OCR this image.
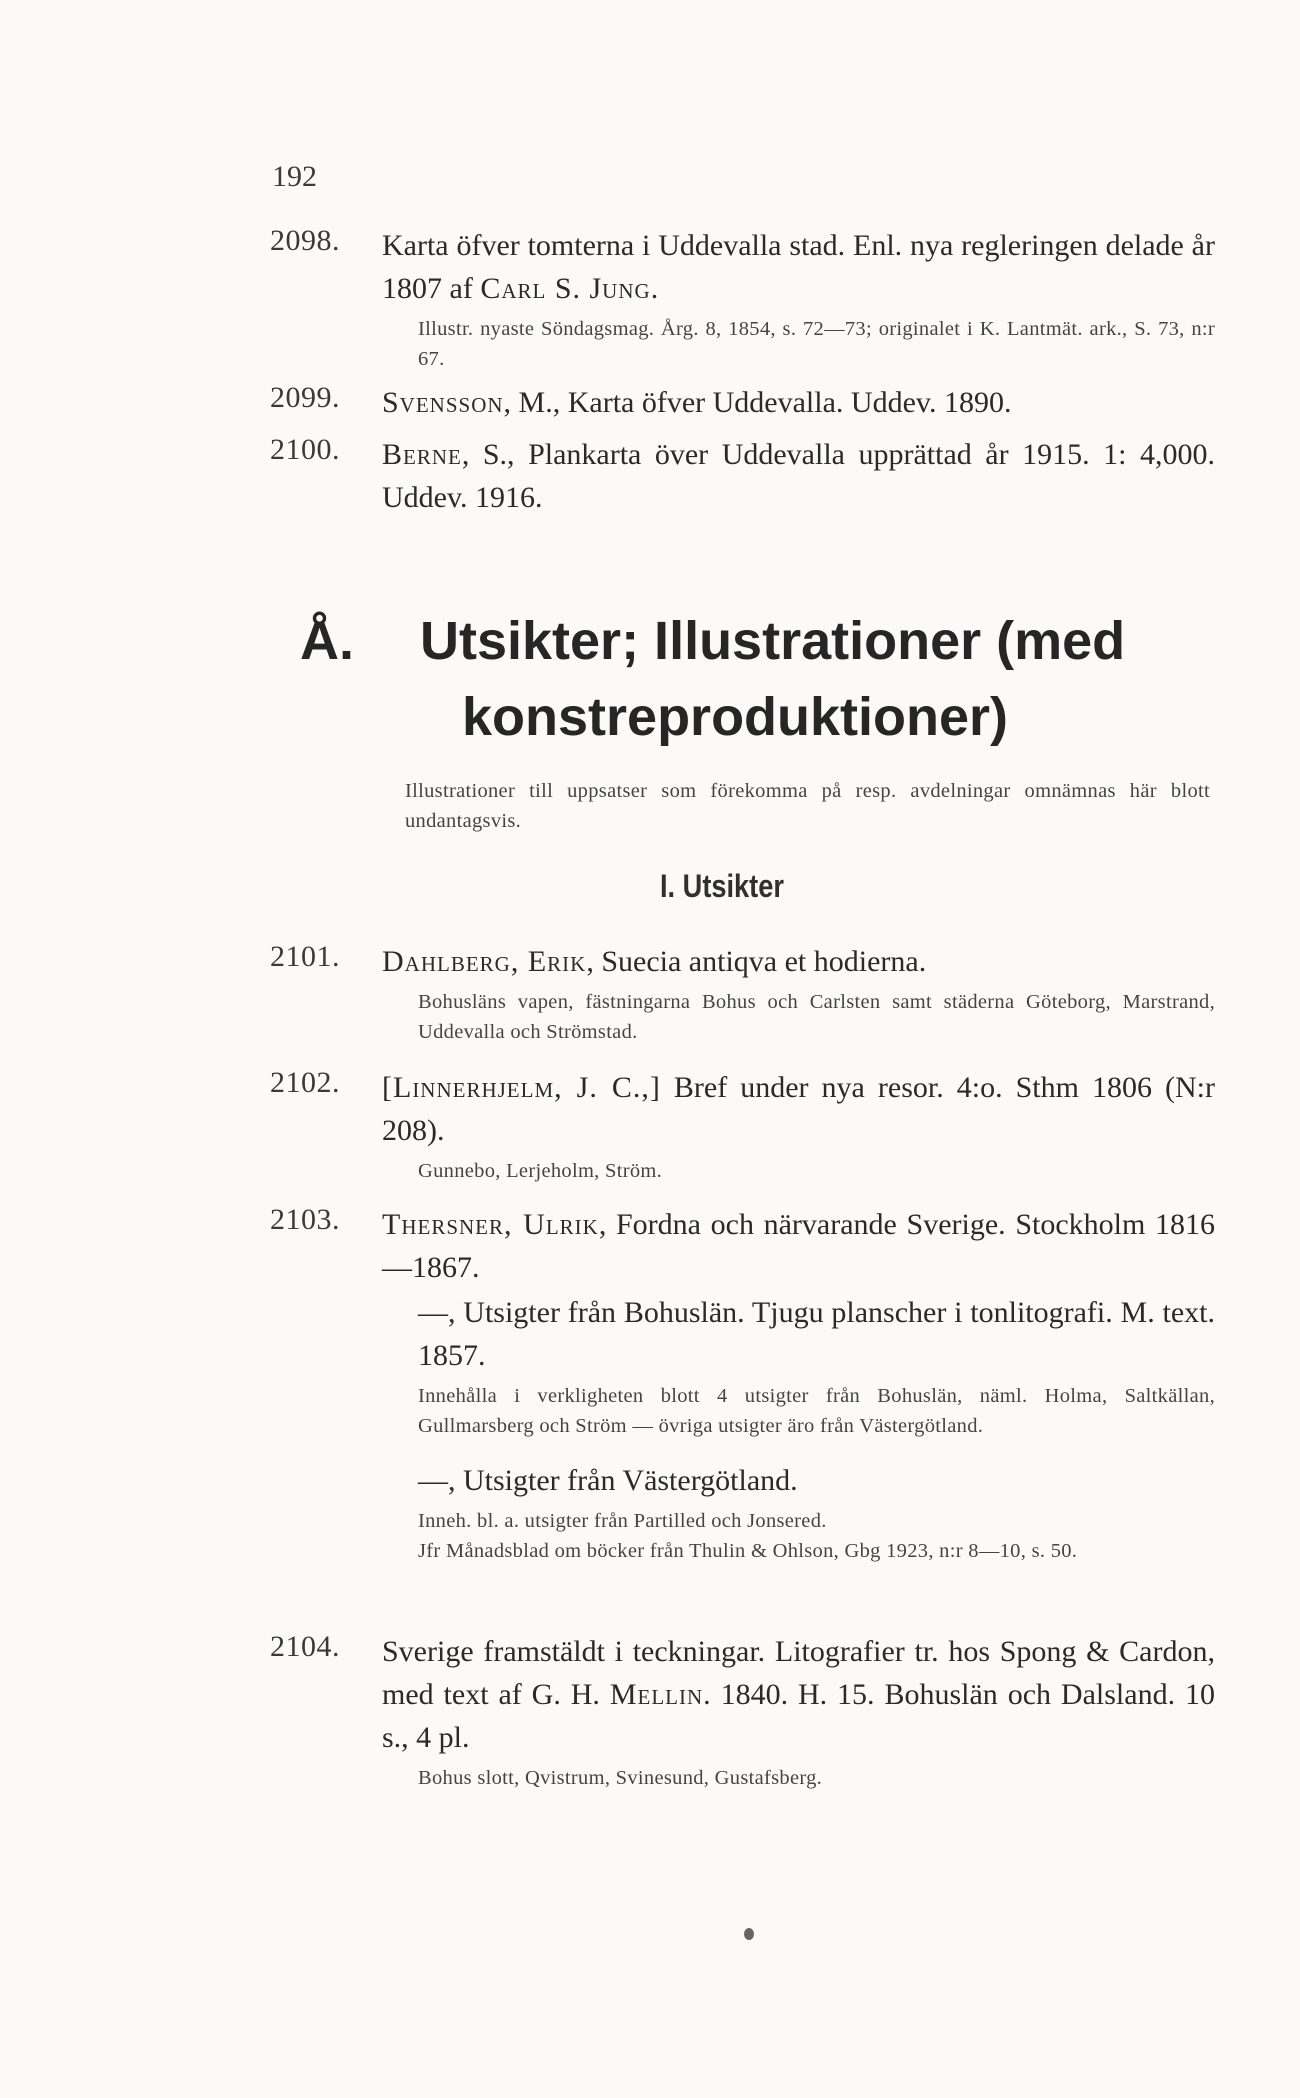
192
2098. Karta öfver tomterna i Uddevalla stad. Enl. nya regleringen delade år 1807 af Carl S. Jung.
Illustr. nyaste Söndagsmag. Årg. 8, 1854, s. 72—73; originalet i K. Lantmät. ark., S. 73, n:r 67.
2099. Svensson, M., Karta öfver Uddevalla. Uddev. 1890.
2100. Berne, S., Plankarta över Uddevalla upprättad år 1915. 1: 4,000. Uddev. 1916.
Å. Utsikter; Illustrationer (med
konstreproduktioner)
Illustrationer till uppsatser som förekomma på resp. avdelningar omnämnas här blott undantagsvis.
I. Utsikter
2101. Dahlberg, Erik, Suecia antiqva et hodierna.
Bohusläns vapen, fästningarna Bohus och Carlsten samt städerna Göteborg, Marstrand, Uddevalla och Strömstad.
2102. [Linnerhjelm, J. C.,] Bref under nya resor. 4:o. Sthm 1806 (N:r 208).
Gunnebo, Lerjeholm, Ström.
2103. Thersner, Ulrik, Fordna och närvarande Sverige. Stockholm 1816—1867.
—, Utsigter från Bohuslän. Tjugu planscher i tonlitografi. M. text. 1857.
Innehålla i verkligheten blott 4 utsigter från Bohuslän, näml. Holma, Saltkällan, Gullmarsberg och Ström — övriga utsigter äro från Västergötland.
—, Utsigter från Västergötland.
Inneh. bl. a. utsigter från Partilled och Jonsered.
Jfr Månadsblad om böcker från Thulin & Ohlson, Gbg 1923, n:r 8—10, s. 50.
2104. Sverige framstäldt i teckningar. Litografier tr. hos Spong & Cardon, med text af G. H. Mellin. 1840. H. 15. Bohuslän och Dalsland. 10 s., 4 pl.
Bohus slott, Qvistrum, Svinesund, Gustafsberg.
